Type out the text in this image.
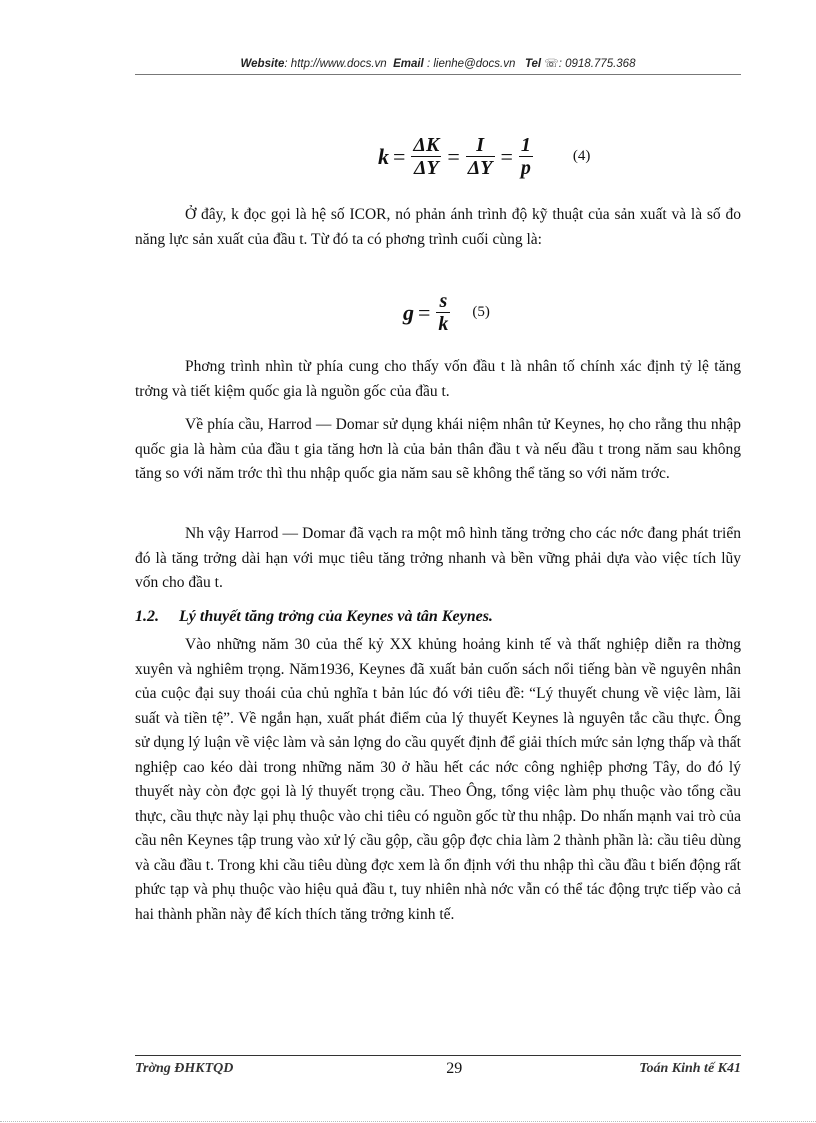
Website: http://www.docs.vn Email : lienhe@docs.vn Tel ☏: 0918.775.368
$k = \frac{\Delta K}{\Delta Y} = \frac{I}{\Delta Y} = \frac{1}{p}$	(4)

Ở đây, k đọc gọi là hệ số ICOR, nó phản ánh trình độ kỹ thuật của sản xuất và là số đo năng lực sản xuất của đầu t. Từ đó ta có phơng trình cuối cùng là:

$g = \frac{s}{k} (5)$

Phơng trình nhìn từ phía cung cho thấy vốn đầu t là nhân tố chính xác định tỷ lệ tăng trởng và tiết kiệm quốc gia là nguồn gốc của đầu t.

Về phía cầu, Harrod — Domar sử dụng khái niệm nhân tử Keynes, họ cho rằng thu nhập quốc gia là hàm của đầu t gia tăng hơn là của bản thân đầu t và nếu đầu t trong năm sau không tăng so với năm trớc thì thu nhập quốc gia năm sau sẽ không thể tăng so với năm trớc.

Nh vậy Harrod — Domar đã vạch ra một mô hình tăng trởng cho các nớc đang phát triển đó là tăng trởng dài hạn với mục tiêu tăng trởng nhanh và bền vững phải dựa vào việc tích lũy vốn cho đầu t.

1.2. Lý thuyết tăng trởng của Keynes và tân Keynes.

Vào những năm 30 của thế kỷ XX khủng hoảng kinh tế và thất nghiệp diễn ra thờng xuyên và nghiêm trọng. Năm1936, Keynes đã xuất bản cuốn sách nổi tiếng bàn về nguyên nhân của cuộc đại suy thoái của chủ nghĩa t bản lúc đó với tiêu đề: “Lý thuyết chung về việc làm, lãi suất và tiền tệ”. Về ngắn hạn, xuất phát điểm của lý thuyết Keynes là nguyên tắc cầu thực. Ông sử dụng lý luận về việc làm và sản lợng do cầu quyết định để giải thích mức sản lợng thấp và thất nghiệp cao kéo dài trong những năm 30 ở hầu hết các nớc công nghiệp phơng Tây, do đó lý thuyết này còn đợc gọi là lý thuyết trọng cầu. Theo Ông, tổng việc làm phụ thuộc vào tổng cầu thực, cầu thực này lại phụ thuộc vào chi tiêu có nguồn gốc từ thu nhập. Do nhấn mạnh vai trò của cầu nên Keynes tập trung vào xử lý cầu gộp, cầu gộp đợc chia làm 2 thành phần là: cầu tiêu dùng và cầu đầu t. Trong khi cầu tiêu dùng đợc xem là ổn định với thu nhập thì cầu đầu t biến động rất phức tạp và phụ thuộc vào hiệu quả đầu t, tuy nhiên nhà nớc vẫn có thể tác động trực tiếp vào cả hai thành phần này để kích thích tăng trởng kinh tế.

Trờng ĐHKTQD	29	Toán Kinh tế K41
